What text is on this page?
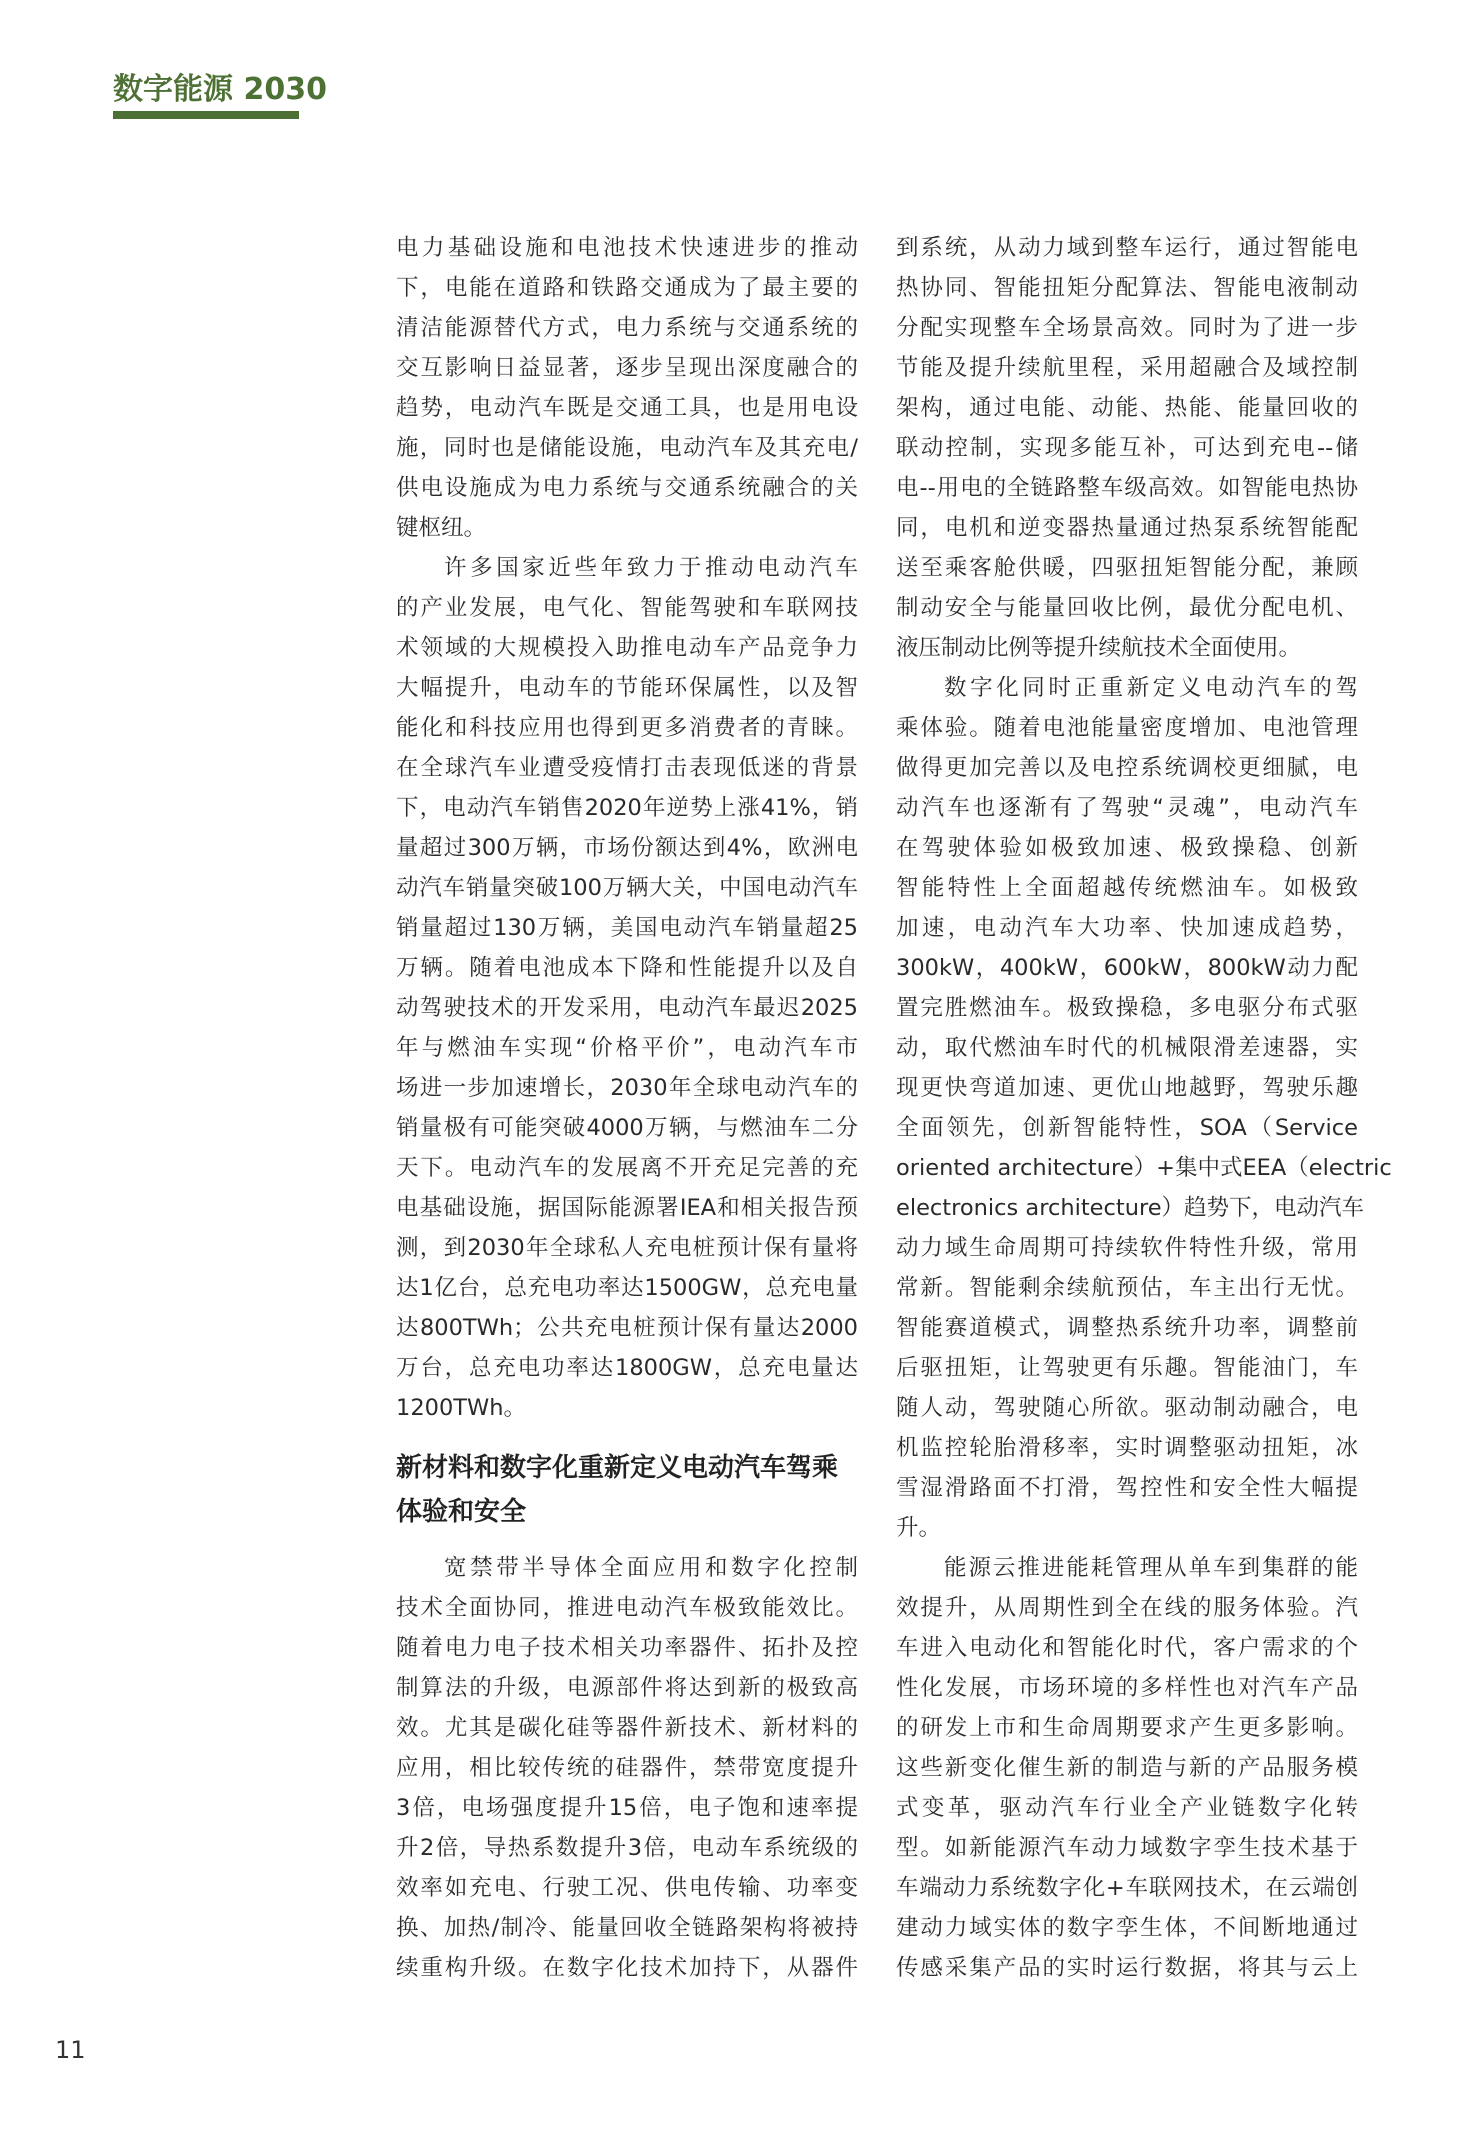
数字能源 2030
电力基础设施和电池技术快速进步的推动
下，电能在道路和铁路交通成为了最主要的
清洁能源替代方式，电力系统与交通系统的
交互影响日益显著，逐步呈现出深度融合的
趋势，电动汽车既是交通工具，也是用电设
施，同时也是储能设施，电动汽车及其充电/
供电设施成为电力系统与交通系统融合的关
键枢纽。
许多国家近些年致力于推动电动汽车
的产业发展，电气化、智能驾驶和车联网技
术领域的大规模投入助推电动车产品竞争力
大幅提升，电动车的节能环保属性，以及智
能化和科技应用也得到更多消费者的青睐。
在全球汽车业遭受疫情打击表现低迷的背景
下，电动汽车销售2020年逆势上涨41%，销
量超过300万辆，市场份额达到4%，欧洲电
动汽车销量突破100万辆大关，中国电动汽车
销量超过130万辆，美国电动汽车销量超25
万辆。随着电池成本下降和性能提升以及自
动驾驶技术的开发采用，电动汽车最迟2025
年与燃油车实现“价格平价”，电动汽车市
场进一步加速增长，2030年全球电动汽车的
销量极有可能突破4000万辆，与燃油车二分
天下。电动汽车的发展离不开充足完善的充
电基础设施，据国际能源署IEA和相关报告预
测，到2030年全球私人充电桩预计保有量将
达1亿台，总充电功率达1500GW，总充电量
达800TWh；公共充电桩预计保有量达2000
万台，总充电功率达1800GW，总充电量达
1200TWh。
新材料和数字化重新定义电动汽车驾乘
体验和安全
宽禁带半导体全面应用和数字化控制
技术全面协同，推进电动汽车极致能效比。
随着电力电子技术相关功率器件、拓扑及控
制算法的升级，电源部件将达到新的极致高
效。尤其是碳化硅等器件新技术、新材料的
应用，相比较传统的硅器件，禁带宽度提升
3倍，电场强度提升15倍，电子饱和速率提
升2倍，导热系数提升3倍，电动车系统级的
效率如充电、行驶工况、供电传输、功率变
换、加热/制冷、能量回收全链路架构将被持
续重构升级。在数字化技术加持下，从器件
到系统，从动力域到整车运行，通过智能电
热协同、智能扭矩分配算法、智能电液制动
分配实现整车全场景高效。同时为了进一步
节能及提升续航里程，采用超融合及域控制
架构，通过电能、动能、热能、能量回收的
联动控制，实现多能互补，可达到充电--储
电--用电的全链路整车级高效。如智能电热协
同，电机和逆变器热量通过热泵系统智能配
送至乘客舱供暖，四驱扭矩智能分配，兼顾
制动安全与能量回收比例，最优分配电机、
液压制动比例等提升续航技术全面使用。
数字化同时正重新定义电动汽车的驾
乘体验。随着电池能量密度增加、电池管理
做得更加完善以及电控系统调校更细腻，电
动汽车也逐渐有了驾驶“灵魂”，电动汽车
在驾驶体验如极致加速、极致操稳、创新
智能特性上全面超越传统燃油车。如极致
加速，电动汽车大功率、快加速成趋势，
300kW，400kW，600kW，800kW动力配
置完胜燃油车。极致操稳，多电驱分布式驱
动，取代燃油车时代的机械限滑差速器，实
现更快弯道加速、更优山地越野，驾驶乐趣
全面领先，创新智能特性，SOA（Service
oriented architecture）+集中式EEA（electric
electronics architecture）趋势下，电动汽车
动力域生命周期可持续软件特性升级，常用
常新。智能剩余续航预估，车主出行无忧。
智能赛道模式，调整热系统升功率，调整前
后驱扭矩，让驾驶更有乐趣。智能油门，车
随人动，驾驶随心所欲。驱动制动融合，电
机监控轮胎滑移率，实时调整驱动扭矩，冰
雪湿滑路面不打滑，驾控性和安全性大幅提
升。
能源云推进能耗管理从单车到集群的能
效提升，从周期性到全在线的服务体验。汽
车进入电动化和智能化时代，客户需求的个
性化发展，市场环境的多样性也对汽车产品
的研发上市和生命周期要求产生更多影响。
这些新变化催生新的制造与新的产品服务模
式变革，驱动汽车行业全产业链数字化转
型。如新能源汽车动力域数字孪生技术基于
车端动力系统数字化+车联网技术，在云端创
建动力域实体的数字孪生体，不间断地通过
传感采集产品的实时运行数据，将其与云上
11
